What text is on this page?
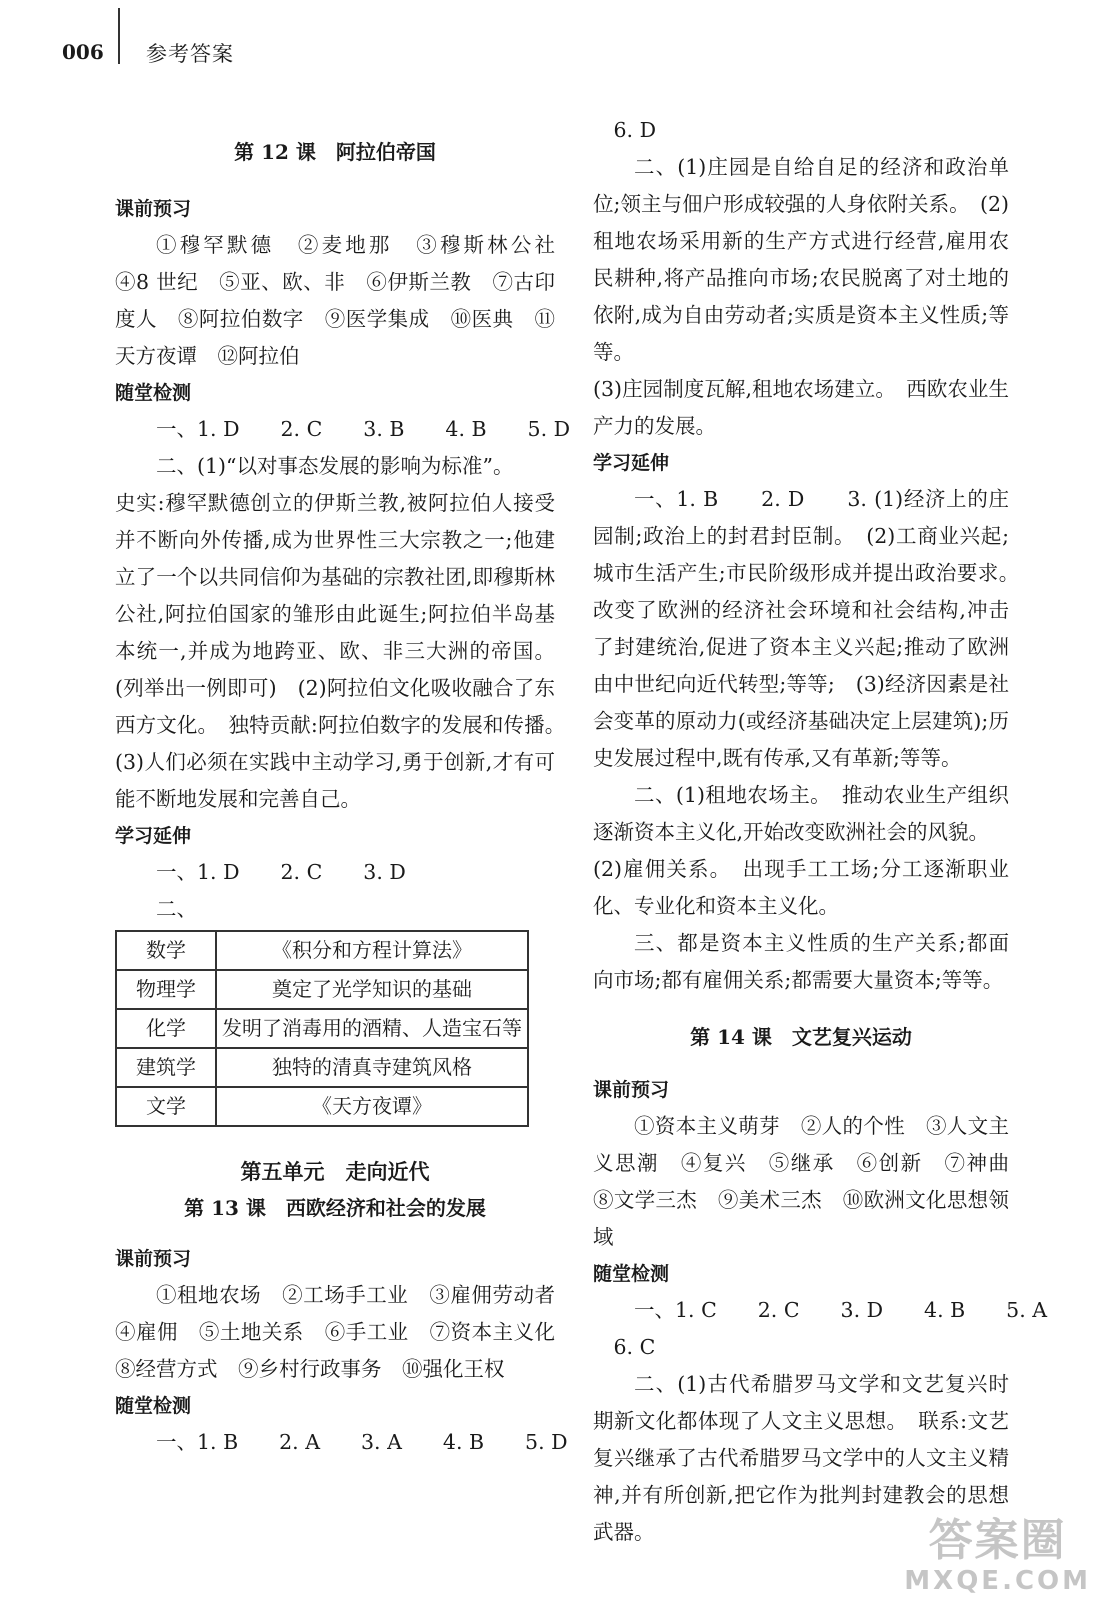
006 参考答案
第 12 课　阿拉伯帝国
课前预习
①穆罕默德　②麦地那　③穆斯林公社　④8 世纪　⑤亚、欧、非　⑥伊斯兰教　⑦古印度人　⑧阿拉伯数字　⑨医学集成　⑩医典　⑪天方夜谭　⑫阿拉伯
随堂检测
一、1. D　　2. C　　3. B　　4. B　　5. D
二、(1)“以对事态发展的影响为标准”。
史实:穆罕默德创立的伊斯兰教,被阿拉伯人接受并不断向外传播,成为世界性三大宗教之一;他建立了一个以共同信仰为基础的宗教社团,即穆斯林公社,阿拉伯国家的雏形由此诞生;阿拉伯半岛基本统一,并成为地跨亚、欧、非三大洲的帝国。(列举出一例即可)　(2)阿拉伯文化吸收融合了东西方文化。　独特贡献:阿拉伯数字的发展和传播。　(3)人们必须在实践中主动学习,勇于创新,才有可能不断地发展和完善自己。
学习延伸
一、1. D　　2. C　　3. D
二、
数学	《积分和方程计算法》
物理学	奠定了光学知识的基础
化学	发明了消毒用的酒精、人造宝石等
建筑学	独特的清真寺建筑风格
文学	《天方夜谭》
第五单元　走向近代
第 13 课　西欧经济和社会的发展
课前预习
①租地农场　②工场手工业　③雇佣劳动者　④雇佣　⑤土地关系　⑥手工业　⑦资本主义化　⑧经营方式　⑨乡村行政事务　⑩强化王权
随堂检测
一、1. B　　2. A　　3. A　　4. B　　5. D
6. D
二、(1)庄园是自给自足的经济和政治单位;领主与佃户形成较强的人身依附关系。　(2)租地农场采用新的生产方式进行经营,雇用农民耕种,将产品推向市场;农民脱离了对土地的依附,成为自由劳动者;实质是资本主义性质;等等。
(3)庄园制度瓦解,租地农场建立。　西欧农业生产力的发展。
学习延伸
一、1. B　　2. D　　3. (1)经济上的庄园制;政治上的封君封臣制。　(2)工商业兴起;城市生活产生;市民阶级形成并提出政治要求。　改变了欧洲的经济社会环境和社会结构,冲击了封建统治,促进了资本主义兴起;推动了欧洲由中世纪向近代转型;等等;　(3)经济因素是社会变革的原动力(或经济基础决定上层建筑);历史发展过程中,既有传承,又有革新;等等。
二、(1)租地农场主。　推动农业生产组织逐渐资本主义化,开始改变欧洲社会的风貌。
(2)雇佣关系。　出现手工工场;分工逐渐职业化、专业化和资本主义化。
三、都是资本主义性质的生产关系;都面向市场;都有雇佣关系;都需要大量资本;等等。
第 14 课　文艺复兴运动
课前预习
①资本主义萌芽　②人的个性　③人文主义思潮　④复兴　⑤继承　⑥创新　⑦神曲　⑧文学三杰　⑨美术三杰　⑩欧洲文化思想领域
随堂检测
一、1. C　　2. C　　3. D　　4. B　　5. A
6. C
二、(1)古代希腊罗马文学和文艺复兴时期新文化都体现了人文主义思想。　联系:文艺复兴继承了古代希腊罗马文学中的人文主义精神,并有所创新,把它作为批判封建教会的思想武器。	答案圈
MXQE.COM
